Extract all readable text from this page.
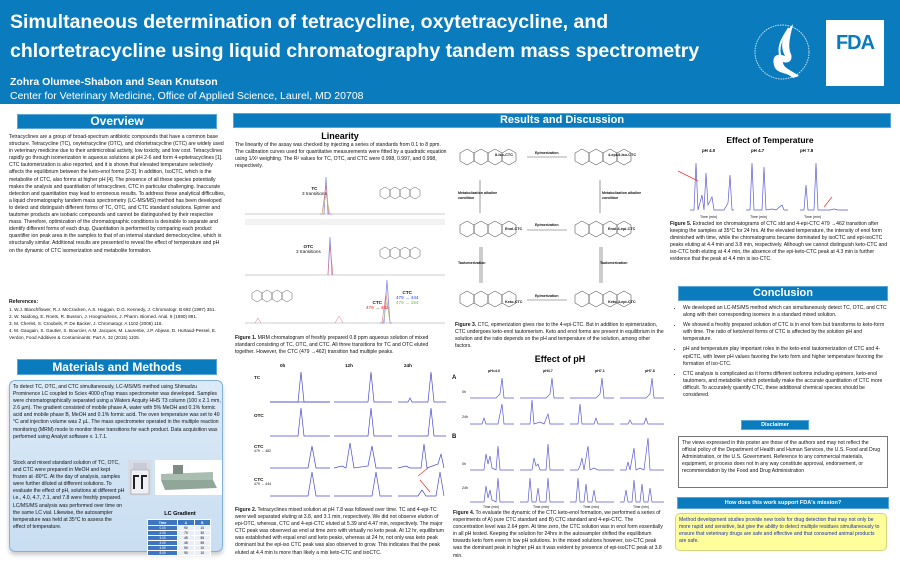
Simultaneous determination of tetracycline, oxytetracycline, and
chlortetracycline using liquid chromatography tandem mass spectrometry
Zohra Olumee-Shabon and Sean Knutson
Center for Veterinary Medicine, Office of Applied Science, Laurel, MD 20708
FDA
Overview
Tetracyclines are a group of broad-spectrum antibiotic compounds that have a common base structure. Tetracycline (TC), oxytetracycline (OTC), and chlortetracycline (CTC) are widely used in veterinary medicine due to their antimicrobial activity, low toxicity, and low cost. Tetracyclines rapidly go through isomerization in aqueous solutions at pH 2-6 and form 4-epitetracyclines [1]. CTC tautomerization is also reported, and it is shown that elevated temperature selectively affects the equilibrium between the keto-enol forms [2-3]. In addition, IsoCTC, which is the metabolite of CTC, also forms at higher pH [4]. The presence of all these species potentially makes the analysis and quantitation of tetracyclines, CTC in particular challenging. Inaccurate detection and quantitation may lead to erroneous results. To address these analytical difficulties, a liquid chromatography tandem mass spectrometry (LC-MS/MS) method has been developed to detect and distinguish different forms of TC, OTC, and CTC standard solutions. Epimer and tautomer products are isobaric compounds and cannot be distinguished by their respective mass. Therefore, optimization of the chromatographic conditions is desirable to separate and identify different forms of each drug. Quantitation is performed by comparing each product quantifier ion peak area in the samples to that of an internal standard demeclocycline, which is structurally similar. Additional results are presented to reveal the effect of temperature and pH on the dynamic of CTC isomerization and metabolite formation.
References:
1. W.J. Blanchflower, R.J. McCracken, A.S. Haggan, D.G. Kennedy, J. Chromatogr. B 692 (1997) 351.
2. W. Naidong, E. Roets, R. Busson, J. Hoogmartens, J. Pharm. Biomed. Anal. 8 (1990) 881.
3. M. Cherlet, S. Croubels, P. De Backer, J. Chromatogr. A 1102 (2006) 116.
4. M. Gaugain, S. Gautier, S. Bourcier, A.M. Jacques, M. Laurentie, J.P. Abjean, D. Hurtaud-Pessel, E. Verdon, Food Additives & Contaminants: Part A, 32 (2015) 1105.
Materials and Methods
To detect TC, OTC, and CTC simultaneously, LC-MS/MS method using Shimadzu Prominence LC coupled to Sciex 4000 qTrap mass spectrometer was developed. Samples were chromatographically separated using a Waters Acquity HHS T3 column (100 x 2.1 mm, 2.6 µm). The gradient consisted of mobile phase A, water with 5% MeOH and 0.1% formic acid and mobile phase B, MeOH and 0.1% formic acid. The oven temperature was set to 40 °C and injection volume was 2 µL. The mass spectrometer operated in the multiple reaction monitoring (MRM) mode to monitor three transitions for each product. Data acquisition was performed using Analyst software v. 1.7.1.
Stock and mixed standard solution of TC, OTC, and CTC were prepared in MeOH and kept frozen at -80°C. At the day of analysis, samples were further diluted at different solutions. To evaluate the effect of pH, solutions at different pH i.e., 4.0, 4.7, 7.1, and 7.8 were freshly prepared. LC/MS/MS analysis was performed over time on the same LC vial. Likewise, the autosampler temperature was held at 35°C to assess the effect of temperature.
LC Gradient
Time	A	B
0.00	90	10
2.00	70	30
3.00	45	55
4.00	45	55
4.50	90	10
8.00	90	10
Results and Discussion
Linearity
The linearity of the assay was checked by injecting a series of standards from 0.1 to 8 ppm. The calibration curves used for quantitative measurements were fitted by a quadratic equation using 1/X² weighting. The R² values for TC, OTC, and CTC were 0.998, 0.997, and 0.998, respectively.
TC
3 transitions
OTC
3 transitions
CTC
479 → 462
CTC
479 → 444
479 → 154
Figure 1. MRM chromatogram of freshly prepared 0.8 ppm aqueous solution of mixed standard consisting of TC, OTC, and CTC. All three transitions for TC and OTC eluted together. However, the CTC (479 →462) transition had multiple peaks.
0h	12h	24h
TC
OTC
CTC
479 → 462
CTC
479 → 444
Figure 2. Tetracyclines mixed solution at pH 7.8 was followed over time. TC and 4-epi-TC were well separated eluting at 3.8, and 3.1 min, respectively. We did not observe elution of epi-OTC, whereas, CTC and 4-epi-CTC eluted at 5.39 and 4.47 min, respectively. The major CTC peak was observed as enol at time zero with virtually no keto peak. At 12 hr, equilibrium was established with equal enol and keto peaks, whereas at 24 hr, not only was keto peak dominant but the epi-iso CTC peak was also observed to grow. This indicates that the peak eluted at 4.4 min is more than likely a mix keto-CTC and isoCTC.
8-Iso-CTC	4-epi-8-Iso-CTC
Enol-CTC	Enol-4-epi-CTC
Keto-CTC	Keto-4-epi-CTC
Epimerization
Epimerization
Epimerization
Metabolization alkaline condition
Metabolization alkaline condition
Tautomerization	Tautomerization
Figure 3. CTC, epimerization gives rise to the 4-epi-CTC. But in addition to epimerization, CTC undergoes keto-enol tautomerism. Keto and enol forms are present in equilibrium in the solution and the ratio depends on the pH and temperature of the solution, among other factors.
Effect of pH
pH=4.0	pH4.7	pH7.1	pH7.8
A
B
0h
24h
0h
24h
Time (min)	Time (min)	Time (min)	Time (min)
Figure 4. To evaluate the dynamic of the CTC keto-enol formation, we performed a series of experiments of A) pure CTC standard and B) CTC standard and 4-epi-CTC. The concentration level was 2.64 ppm. At time zero, the CTC solution was in enol form essentially in all pH tested. Keeping the solution for 24hrs in the autosampler shifted the equilibrium towards keto form even in low pH solutions. In the mixed solutions however, iso-CTC peak was the dominant peak in higher pH as it was evident by presence of epi-isoCTC peak at 3.8 min.
Effect of Temperature
pH 4.0	pH 4.7	pH 7.8
Time (min)	Time (min)	Time (min)
Figure 5. Extracted ion chromatograms of CTC std and 4-epi-CTC 479 →462 transition after keeping the samples at 35°C for 24 hrs. At the elevated temperature, the intensity of enol form diminished with time, while the chromatograms became dominated by isoCTC and epi-isoCTC peaks eluting at 4.4 min and 3.8 min, respectively. Although we cannot distinguish keto-CTC and iso-CTC both eluting at 4.4 min, the absence of the epi-keto-CTC peak at 4.3 min is further evidence that the peak at 4.4 min is iso-CTC.
Conclusion
• We developed an LC-MS/MS method which can simultaneously detect TC, OTC, and CTC along with their corresponding isomers in a standard mixed solution.
• We showed a freshly prepared solution of CTC is in enol form but transforms to keto-form with time. The ratio of keto/enol forms of CTC is affected by the solution pH and temperature.
• pH and temperature play important roles in the keto-enol tautomerization of CTC and 4-epiCTC, with lower pH values favoring the keto form and higher temperature favoring the formation of iso-CTC.
• CTC analysis is complicated as it forms different isoforms including epimers, keto-enol tautomers, and metabolite which potentially make the accurate quantitation of CTC more difficult. To accurately quantify CTC, these additional chemical species should be considered.
Disclaimer
The views expressed in this poster are those of the authors and may not reflect the official policy of the Department of Health and Human Services, the U.S. Food and Drug Administration, or the U.S. Government. Reference to any commercial materials, equipment, or process does not in any way constitute approval, endorsement, or recommendation by the Food and Drug Administration
How does this work support FDA's mission?
Method development studies provide new tools for drug detection that may not only be more rapid and sensitive, but give the ability to detect multiple residues simultaneously to ensure that veterinary drugs are safe and effective and that consumed animal products are safe.
